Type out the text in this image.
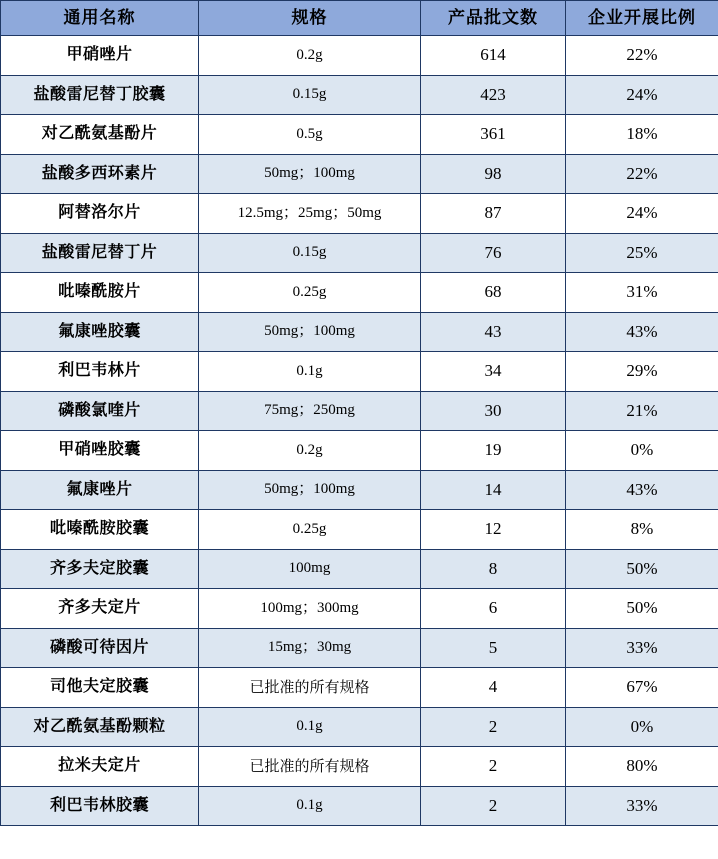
通用名称	规格	产品批文数	企业开展比例
甲硝唑片	0.2g	614	22%
盐酸雷尼替丁胶囊	0.15g	423	24%
对乙酰氨基酚片	0.5g	361	18%
盐酸多西环素片	50mg；100mg	98	22%
阿替洛尔片	12.5mg；25mg；50mg	87	24%
盐酸雷尼替丁片	0.15g	76	25%
吡嗪酰胺片	0.25g	68	31%
氟康唑胶囊	50mg；100mg	43	43%
利巴韦林片	0.1g	34	29%
磷酸氯喹片	75mg；250mg	30	21%
甲硝唑胶囊	0.2g	19	0%
氟康唑片	50mg；100mg	14	43%
吡嗪酰胺胶囊	0.25g	12	8%
齐多夫定胶囊	100mg	8	50%
齐多夫定片	100mg；300mg	6	50%
磷酸可待因片	15mg；30mg	5	33%
司他夫定胶囊	已批准的所有规格	4	67%
对乙酰氨基酚颗粒	0.1g	2	0%
拉米夫定片	已批准的所有规格	2	80%
利巴韦林胶囊	0.1g	2	33%
